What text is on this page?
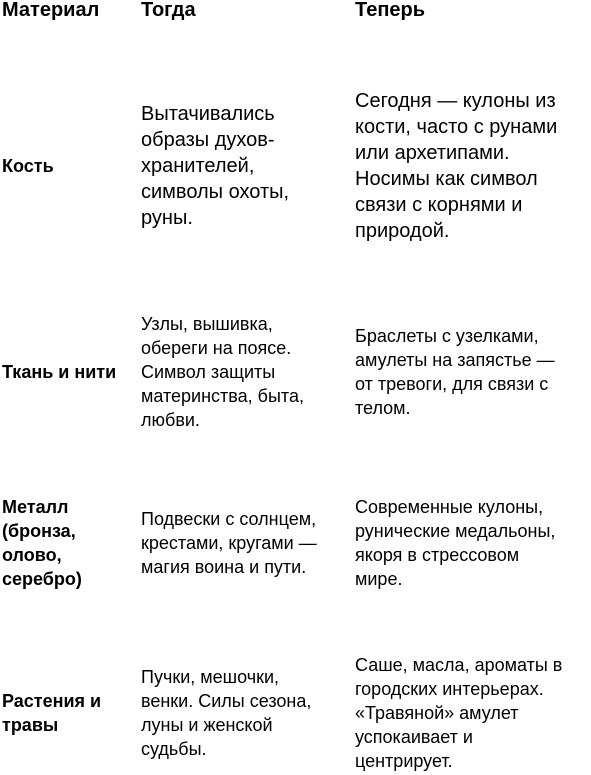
Материал	Тогда	Теперь
Кость
Вытачивались
образы духов-
хранителей,
символы охоты,
руны.
Сегодня — кулоны из
кости, часто с рунами
или архетипами.
Носимы как символ
связи с корнями и
природой.
Ткань и нити
Узлы, вышивка,
обереги на поясе.
Символ защиты
материнства, быта,
любви.
Браслеты с узелками,
амулеты на запястье —
от тревоги, для связи с
телом.
Металл
(бронза,
олово,
серебро)
Подвески с солнцем,
крестами, кругами —
магия воина и пути.
Современные кулоны,
рунические медальоны,
якоря в стрессовом
мире.
Растения и
травы
Пучки, мешочки,
венки. Силы сезона,
луны и женской
судьбы.
Саше, масла, ароматы в
городских интерьерах.
«Травяной» амулет
успокаивает и
центрирует.
